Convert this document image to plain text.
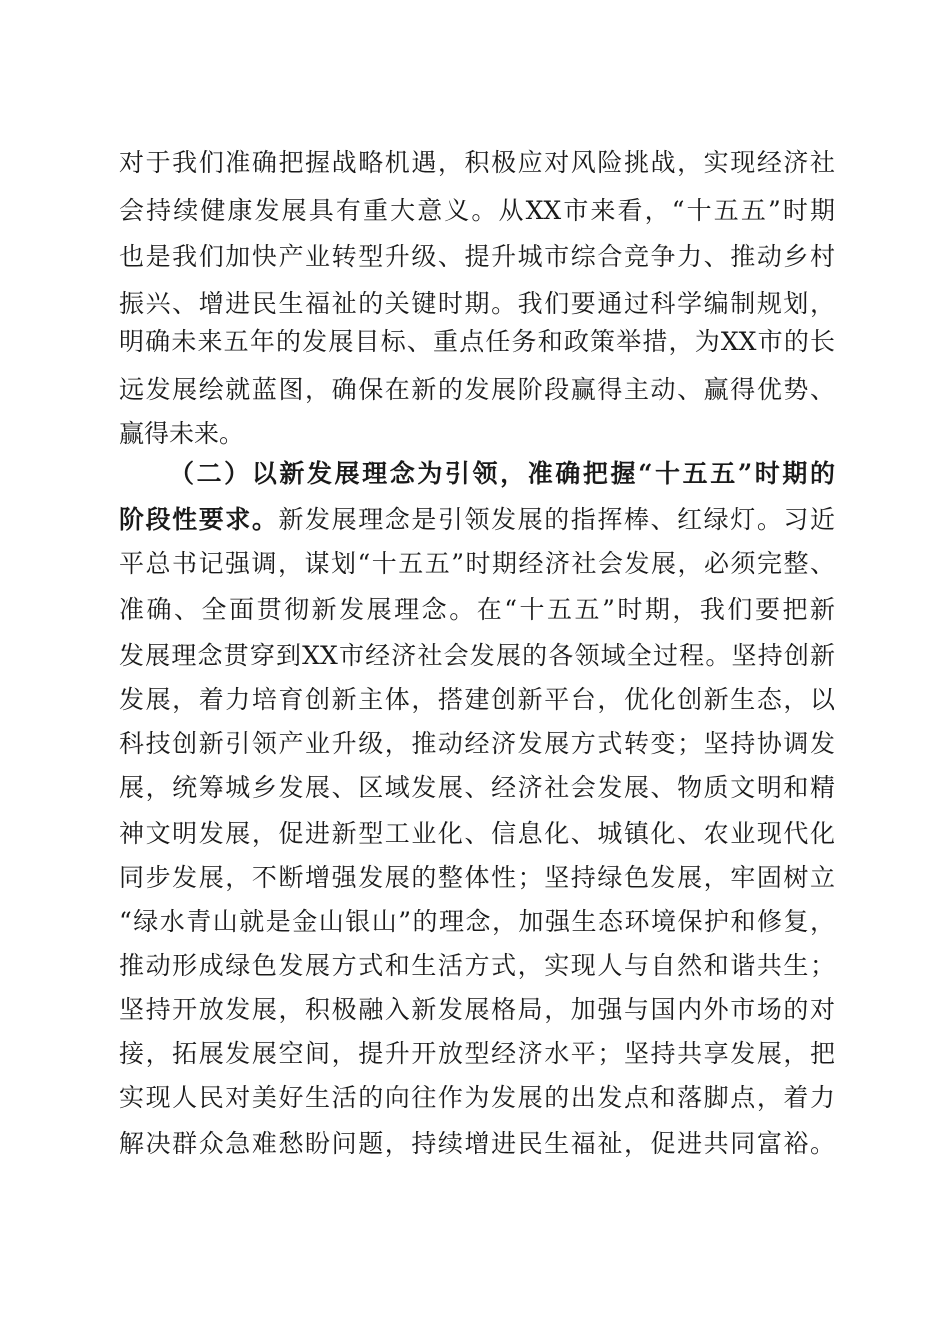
对于我们准确把握战略机遇，积极应对风险挑战，实现经济社
会持续健康发展具有重大意义。从XX市来看，“十五五”时期
也是我们加快产业转型升级、提升城市综合竞争力、推动乡村
振兴、增进民生福祉的关键时期。我们要通过科学编制规划，
明确未来五年的发展目标、重点任务和政策举措，为XX市的长
远发展绘就蓝图，确保在新的发展阶段赢得主动、赢得优势、
赢得未来。
（二）以新发展理念为引领，准确把握“十五五”时期的
阶段性要求。新发展理念是引领发展的指挥棒、红绿灯。习近
平总书记强调，谋划“十五五”时期经济社会发展，必须完整、
准确、全面贯彻新发展理念。在“十五五”时期，我们要把新
发展理念贯穿到XX市经济社会发展的各领域全过程。坚持创新
发展，着力培育创新主体，搭建创新平台，优化创新生态，以
科技创新引领产业升级，推动经济发展方式转变；坚持协调发
展，统筹城乡发展、区域发展、经济社会发展、物质文明和精
神文明发展，促进新型工业化、信息化、城镇化、农业现代化
同步发展，不断增强发展的整体性；坚持绿色发展，牢固树立
“绿水青山就是金山银山”的理念，加强生态环境保护和修复，
推动形成绿色发展方式和生活方式，实现人与自然和谐共生；
坚持开放发展，积极融入新发展格局，加强与国内外市场的对
接，拓展发展空间，提升开放型经济水平；坚持共享发展，把
实现人民对美好生活的向往作为发展的出发点和落脚点，着力
解决群众急难愁盼问题，持续增进民生福祉，促进共同富裕。
